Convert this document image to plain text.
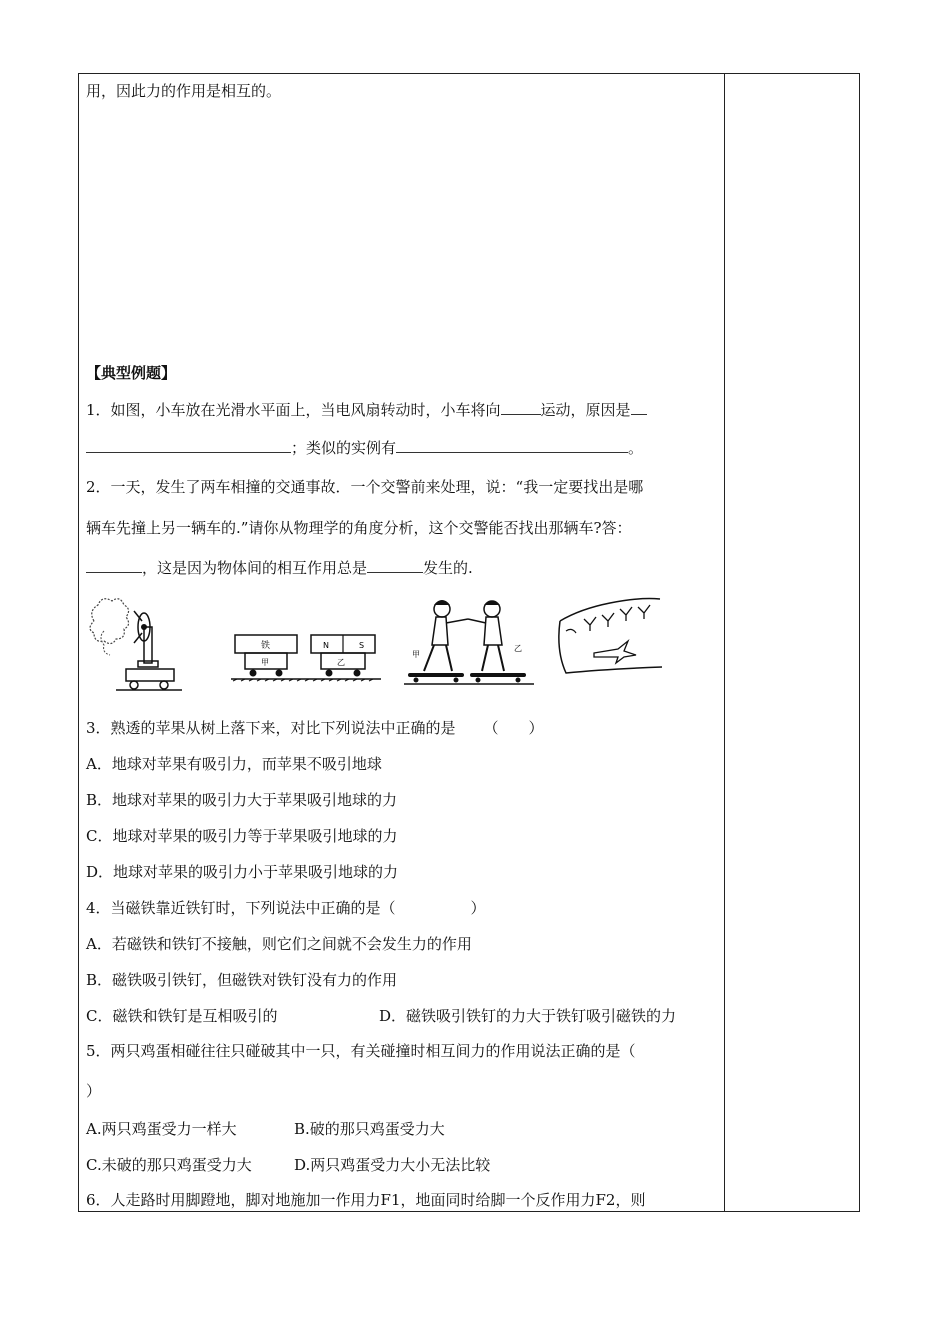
用，因此力的作用是相互的。
【典型例题】
1．如图，小车放在光滑水平面上，当电风扇转动时，小车将向	运动，原因是
；类似的实例有	。
2．一天，发生了两车相撞的交通事故．一个交警前来处理，说：“我一定要找出是哪
辆车先撞上另一辆车的.”请你从物理学的角度分析，这个交警能否找出那辆车?答：
，这是因为物体间的相互作用总是	发生的.
铁
甲
N	S
乙
甲
乙
3．熟透的苹果从树上落下来，对比下列说法中正确的是 （　　）
A．地球对苹果有吸引力，而苹果不吸引地球
B．地球对苹果的吸引力大于苹果吸引地球的力
C．地球对苹果的吸引力等于苹果吸引地球的力
D．地球对苹果的吸引力小于苹果吸引地球的力
4．当磁铁靠近铁钉时，下列说法中正确的是（　　　　　）
A．若磁铁和铁钉不接触，则它们之间就不会发生力的作用
B．磁铁吸引铁钉，但磁铁对铁钉没有力的作用
C．磁铁和铁钉是互相吸引的	D．磁铁吸引铁钉的力大于铁钉吸引磁铁的力
5．两只鸡蛋相碰往往只碰破其中一只，有关碰撞时相互间力的作用说法正确的是（
）
A.两只鸡蛋受力一样大	B.破的那只鸡蛋受力大
C.未破的那只鸡蛋受力大	D.两只鸡蛋受力大小无法比较
6．人走路时用脚蹬地，脚对地施加一作用力F1，地面同时给脚一个反作用力F2，则
